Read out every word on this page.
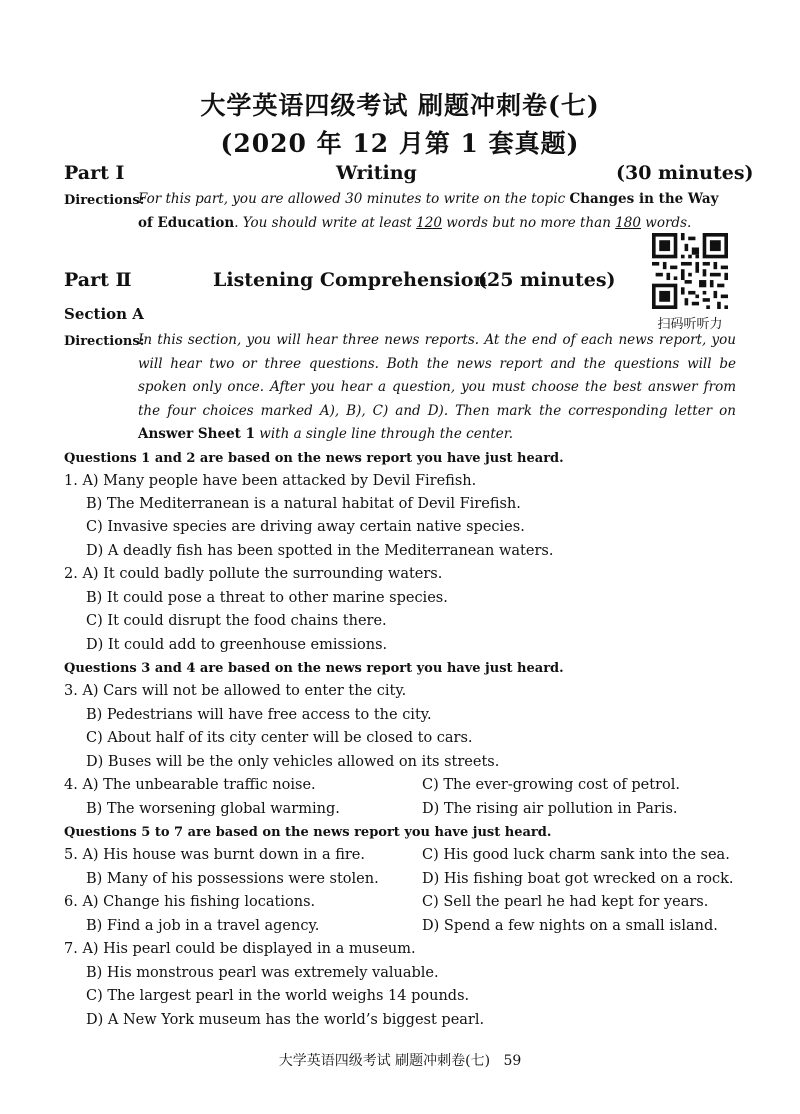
大学英语四级考试 刷题冲刺卷(七)
(2020 年 12 月第 1 套真题)
Part Ⅰ	Writing	(30 minutes)
Directions:
For this part, you are allowed 30 minutes to write on the topic Changes in the Way of Education. You should write at least 120 words but no more than 180 words.
扫码听听力
Part Ⅱ	Listening Comprehension
(25 minutes)
Section A
Directions:
In this section, you will hear three news reports. At the end of each news report, you will hear two or three questions. Both the news report and the questions will be spoken only once. After you hear a question, you must choose the best answer from the four choices marked A), B), C) and D). Then mark the corresponding letter on Answer Sheet 1 with a single line through the center.
Questions 1 and 2 are based on the news report you have just heard.
1. A) Many people have been attacked by Devil Firefish.
B) The Mediterranean is a natural habitat of Devil Firefish.
C) Invasive species are driving away certain native species.
D) A deadly fish has been spotted in the Mediterranean waters.
2. A) It could badly pollute the surrounding waters.
B) It could pose a threat to other marine species.
C) It could disrupt the food chains there.
D) It could add to greenhouse emissions.
Questions 3 and 4 are based on the news report you have just heard.
3. A) Cars will not be allowed to enter the city.
B) Pedestrians will have free access to the city.
C) About half of its city center will be closed to cars.
D) Buses will be the only vehicles allowed on its streets.
4. A) The unbearable traffic noise.	C) The ever-growing cost of petrol.
B) The worsening global warming.	D) The rising air pollution in Paris.
Questions 5 to 7 are based on the news report you have just heard.
5. A) His house was burnt down in a fire.	C) His good luck charm sank into the sea.
B) Many of his possessions were stolen.	D) His fishing boat got wrecked on a rock.
6. A) Change his fishing locations.	C) Sell the pearl he had kept for years.
B) Find a job in a travel agency.	D) Spend a few nights on a small island.
7. A) His pearl could be displayed in a museum.
B) His monstrous pearl was extremely valuable.
C) The largest pearl in the world weighs 14 pounds.
D) A New York museum has the world’s biggest pearl.
大学英语四级考试 刷题冲刺卷(七)   59
